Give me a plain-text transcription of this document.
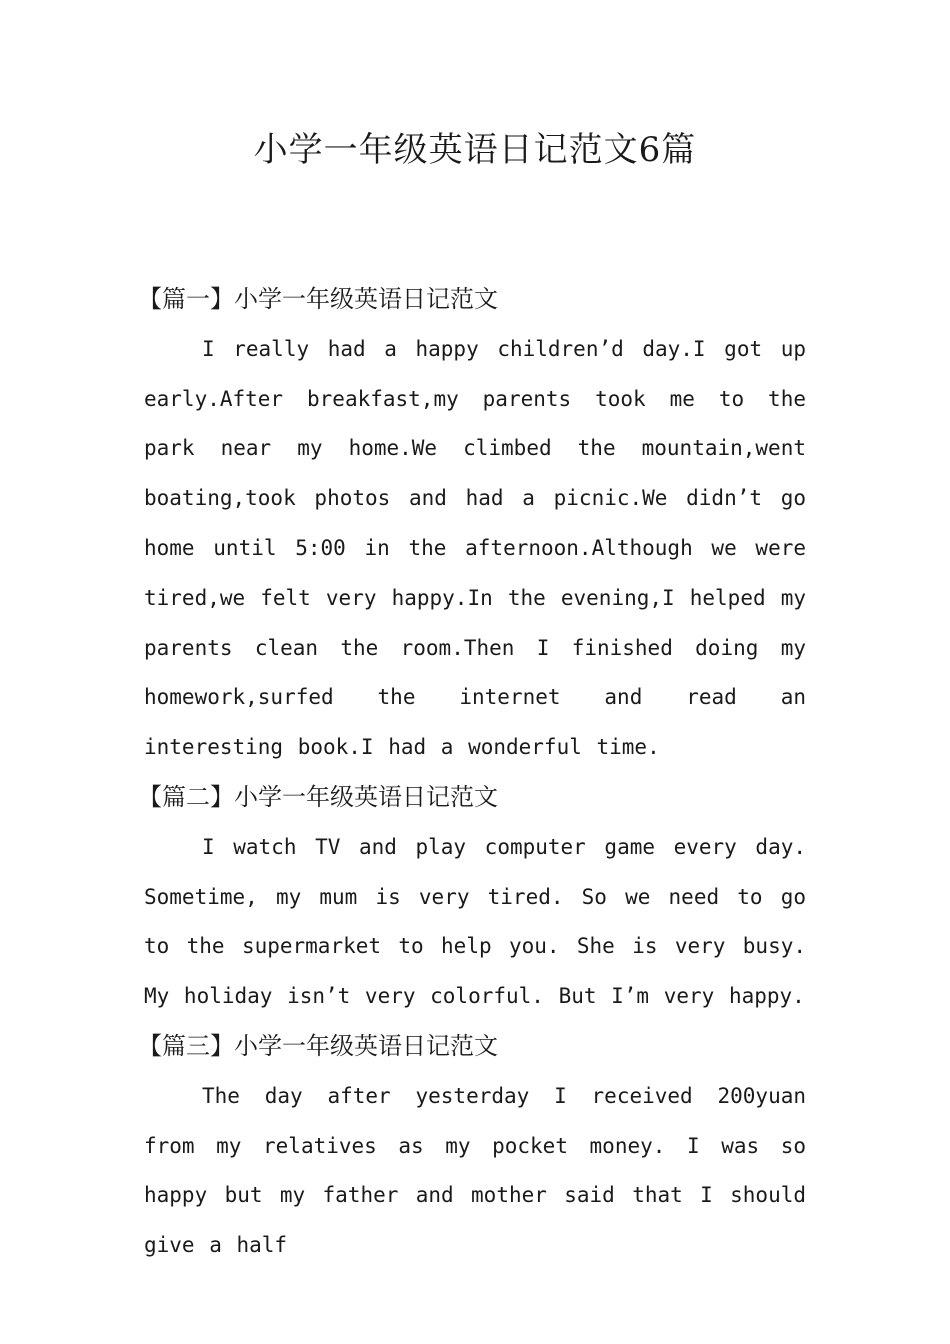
小学一年级英语日记范文6篇
【篇一】小学一年级英语日记范文

I really had a happy children’d day.I got up early.After breakfast,my parents took me to the park near my home.We climbed the mountain,went boating,took photos and had a picnic.We didn’t go home until 5:00 in the afternoon.Although we were tired,we felt very happy.In the evening,I helped my parents clean the room.Then I finished doing my homework,surfed the internet and read an interesting book.I had a wonderful time.

【篇二】小学一年级英语日记范文

I watch TV and play computer game every day. Sometime, my mum is very tired. So we need to go to the supermarket to help you. She is very busy. My holiday isn’t very colorful. But I’m very happy.

【篇三】小学一年级英语日记范文

The day after yesterday I received 200yuan from my relatives as my pocket money. I was so happy but my father and mother said that I should give a half
